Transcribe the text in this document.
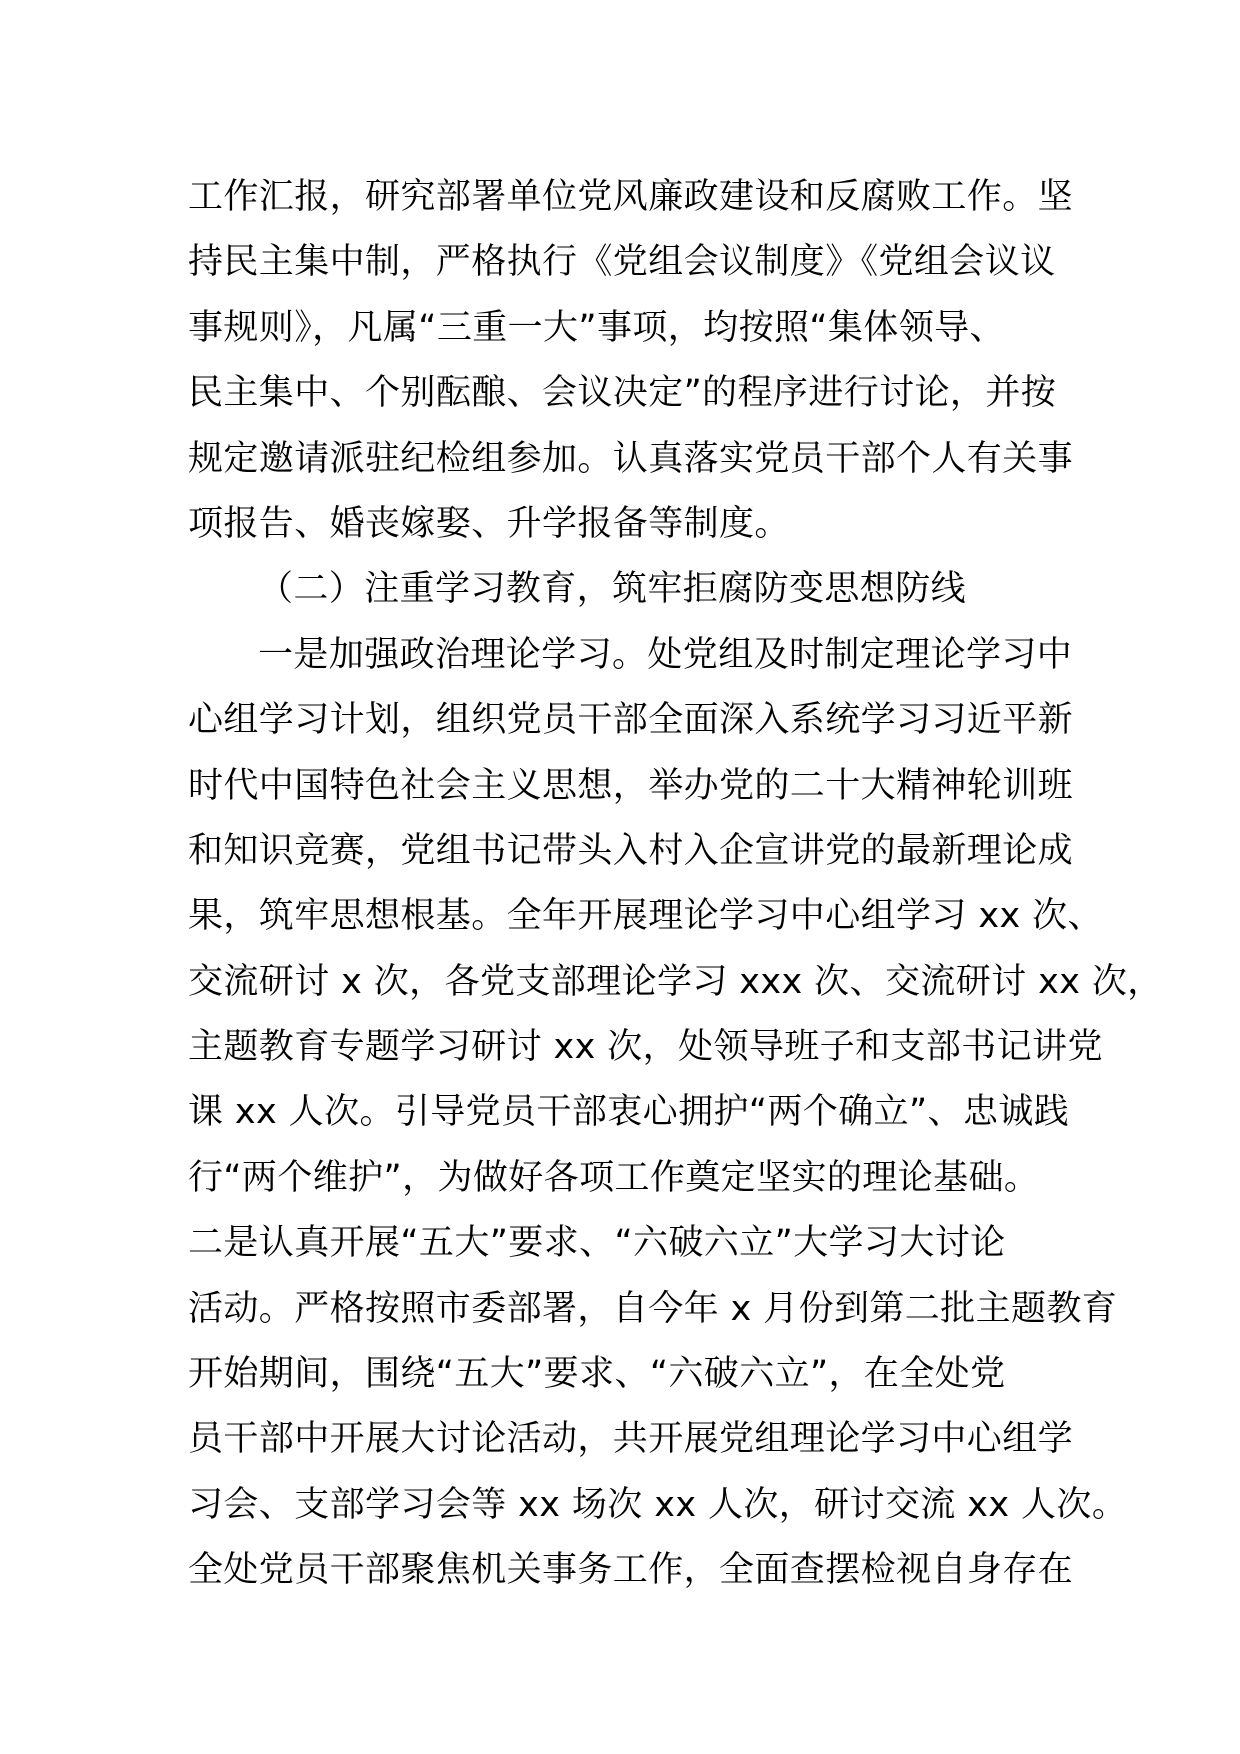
工作汇报，研究部署单位党风廉政建设和反腐败工作。坚
持民主集中制，严格执行《党组会议制度》《党组会议议
事规则》，凡属“三重一大”事项，均按照“集体领导、
民主集中、个别酝酿、会议决定”的程序进行讨论，并按
规定邀请派驻纪检组参加。认真落实党员干部个人有关事
项报告、婚丧嫁娶、升学报备等制度。
（二）注重学习教育，筑牢拒腐防变思想防线
一是加强政治理论学习。处党组及时制定理论学习中
心组学习计划，组织党员干部全面深入系统学习习近平新
时代中国特色社会主义思想，举办党的二十大精神轮训班
和知识竞赛，党组书记带头入村入企宣讲党的最新理论成
果，筑牢思想根基。全年开展理论学习中心组学习 xx 次、
交流研讨 x 次，各党支部理论学习 xxx 次、交流研讨 xx 次，
主题教育专题学习研讨 xx 次，处领导班子和支部书记讲党
课 xx 人次。引导党员干部衷心拥护“两个确立”、忠诚践
行“两个维护”，为做好各项工作奠定坚实的理论基础。
二是认真开展“五大”要求、“六破六立”大学习大讨论
活动。严格按照市委部署，自今年 x 月份到第二批主题教育
开始期间，围绕“五大”要求、“六破六立”，在全处党
员干部中开展大讨论活动，共开展党组理论学习中心组学
习会、支部学习会等 xx 场次 xx 人次，研讨交流 xx 人次。
全处党员干部聚焦机关事务工作，全面查摆检视自身存在
